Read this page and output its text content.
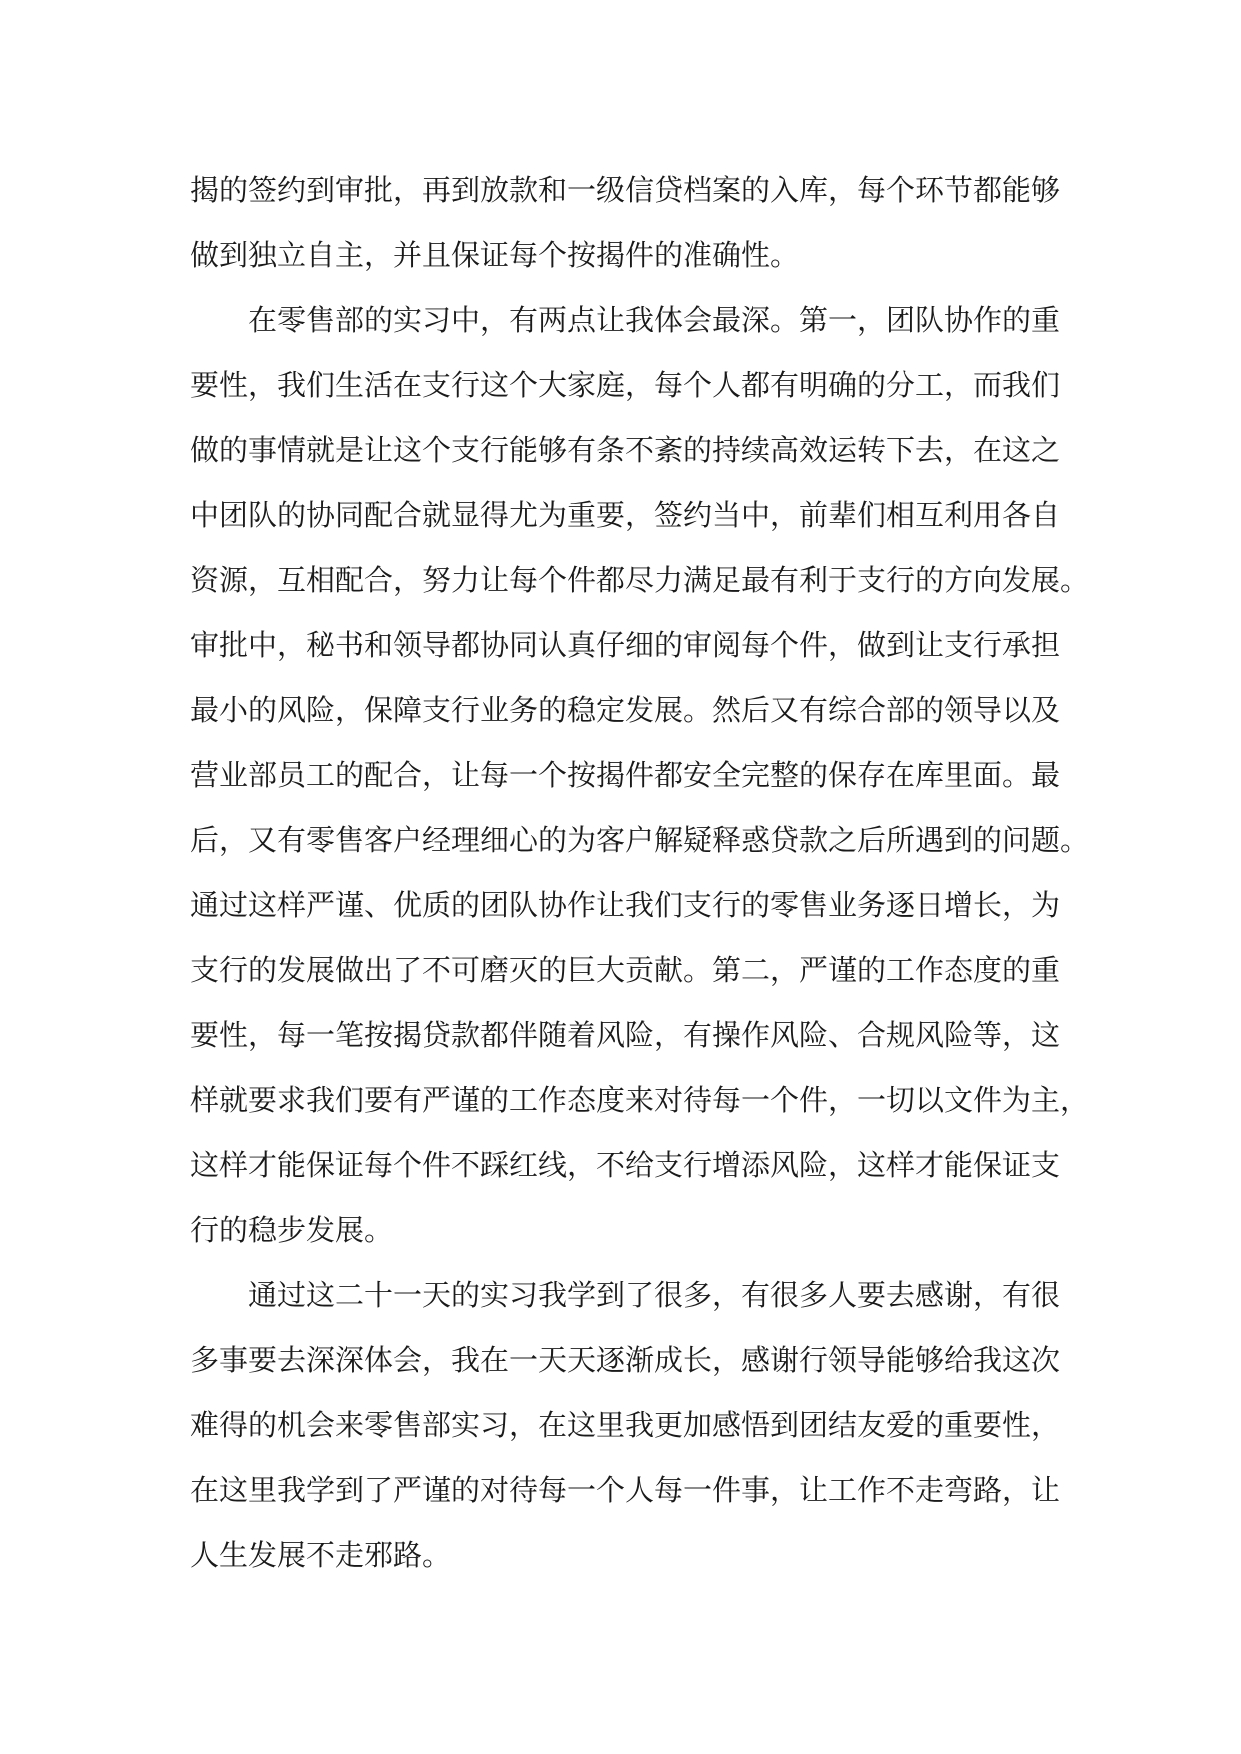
揭的签约到审批，再到放款和一级信贷档案的入库，每个环节都能够
做到独立自主，并且保证每个按揭件的准确性。
　　在零售部的实习中，有两点让我体会最深。第一，团队协作的重
要性，我们生活在支行这个大家庭，每个人都有明确的分工，而我们
做的事情就是让这个支行能够有条不紊的持续高效运转下去，在这之
中团队的协同配合就显得尤为重要，签约当中，前辈们相互利用各自
资源，互相配合，努力让每个件都尽力满足最有利于支行的方向发展。
审批中，秘书和领导都协同认真仔细的审阅每个件，做到让支行承担
最小的风险，保障支行业务的稳定发展。然后又有综合部的领导以及
营业部员工的配合，让每一个按揭件都安全完整的保存在库里面。最
后，又有零售客户经理细心的为客户解疑释惑贷款之后所遇到的问题。
通过这样严谨、优质的团队协作让我们支行的零售业务逐日增长，为
支行的发展做出了不可磨灭的巨大贡献。第二，严谨的工作态度的重
要性，每一笔按揭贷款都伴随着风险，有操作风险、合规风险等，这
样就要求我们要有严谨的工作态度来对待每一个件，一切以文件为主，
这样才能保证每个件不踩红线，不给支行增添风险，这样才能保证支
行的稳步发展。
　　通过这二十一天的实习我学到了很多，有很多人要去感谢，有很
多事要去深深体会，我在一天天逐渐成长，感谢行领导能够给我这次
难得的机会来零售部实习，在这里我更加感悟到团结友爱的重要性，
在这里我学到了严谨的对待每一个人每一件事，让工作不走弯路，让
人生发展不走邪路。
